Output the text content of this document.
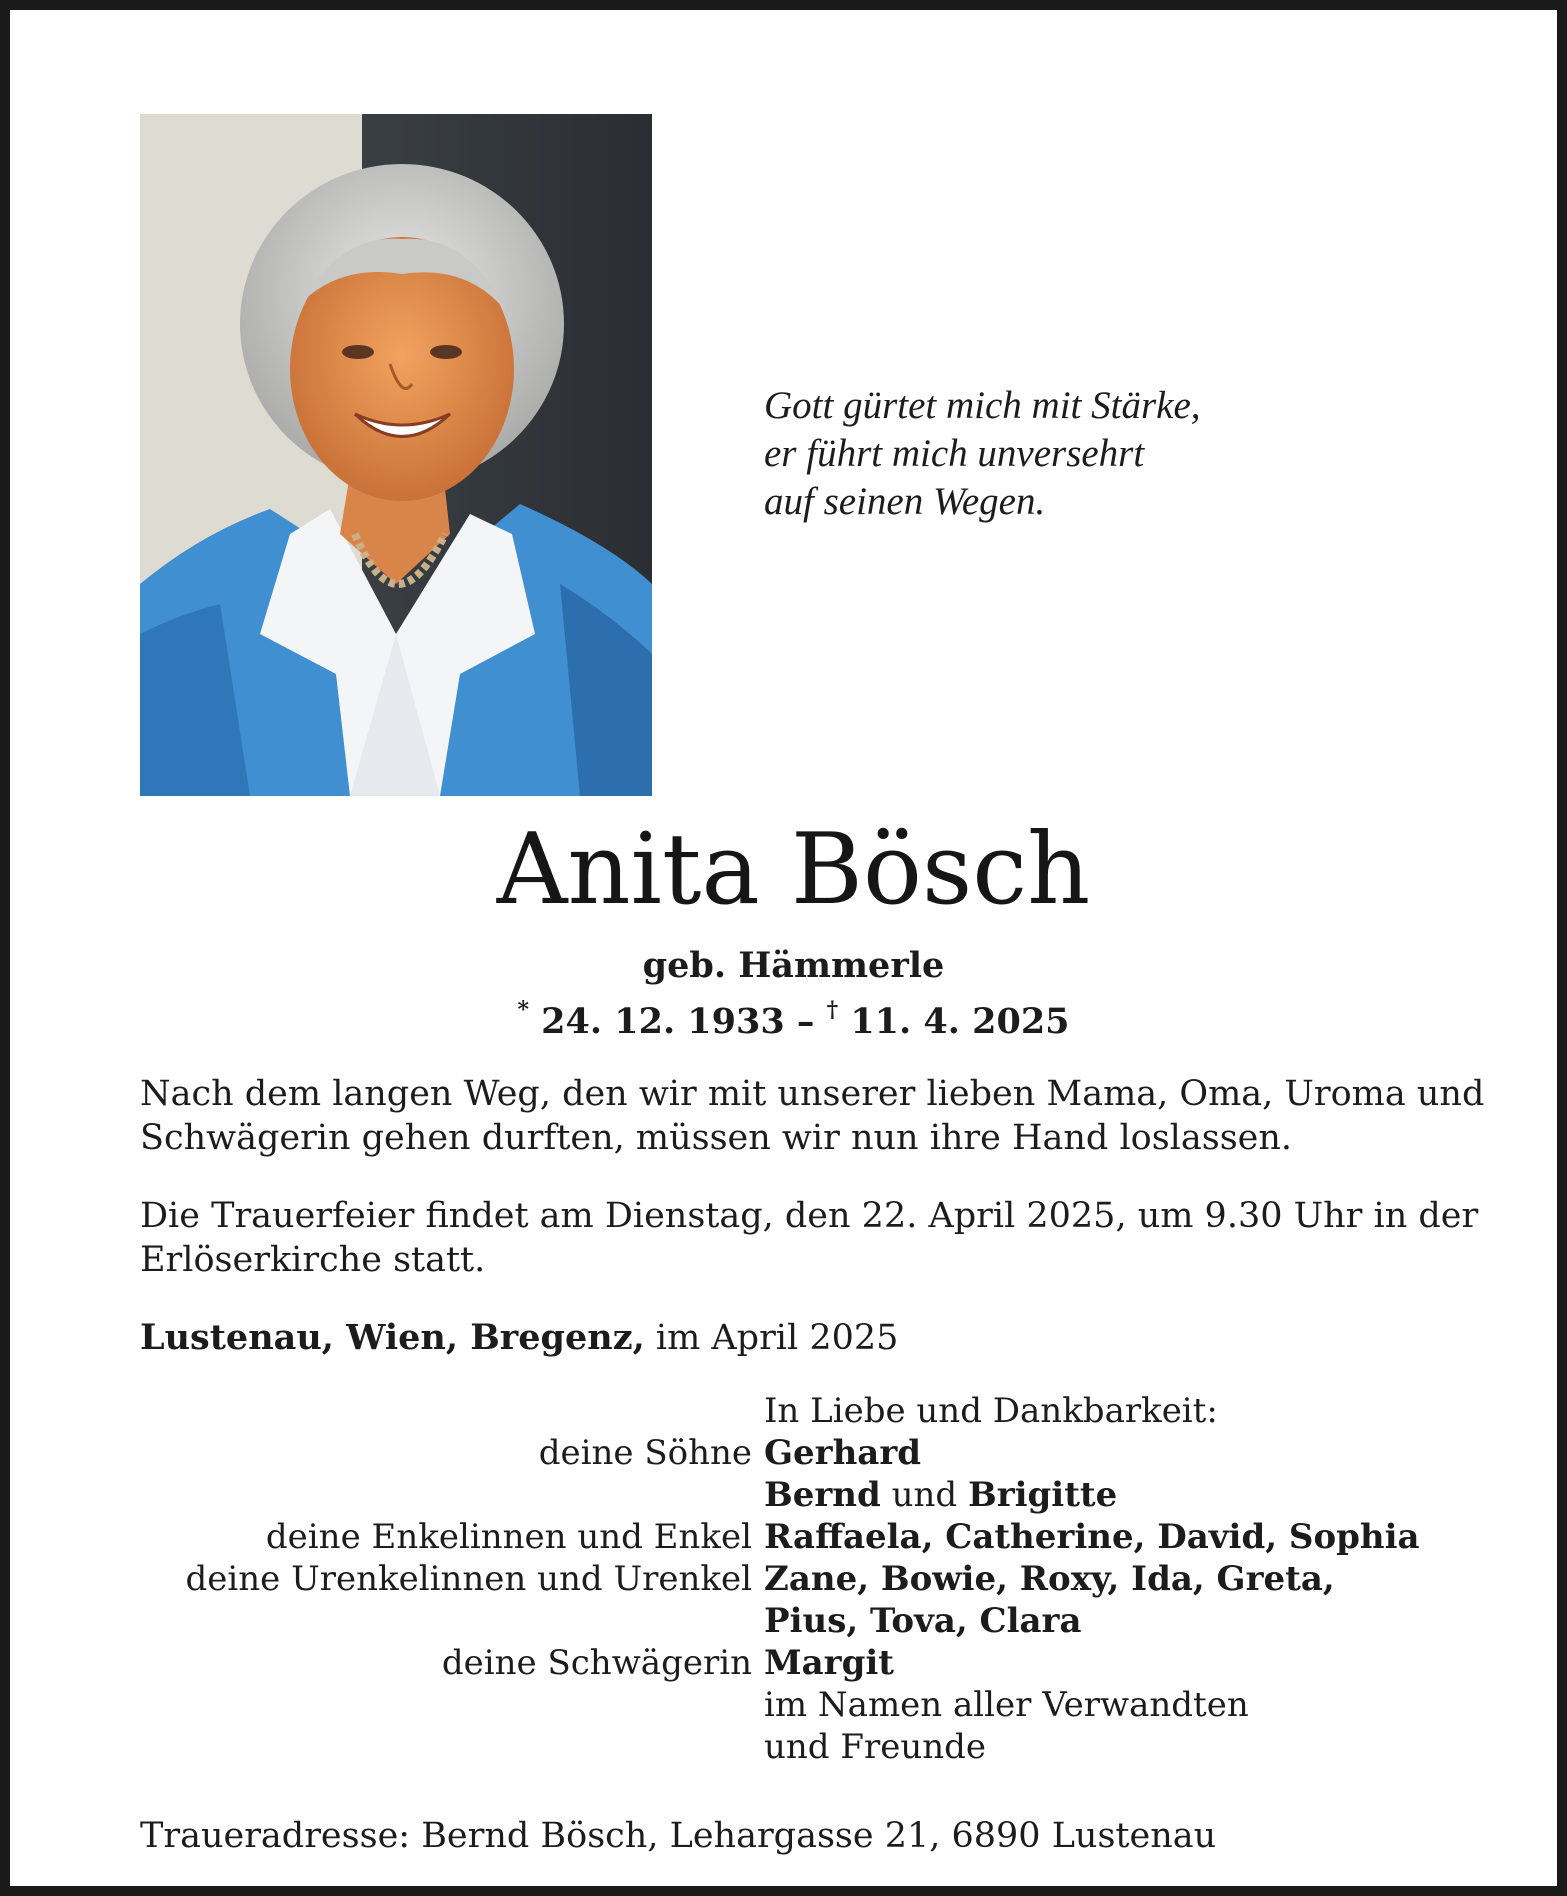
Gott gürtet mich mit Stärke,
er führt mich unversehrt
auf seinen Wegen.
Anita Bösch
geb. Hämmerle
* 24. 12. 1933 – † 11. 4. 2025
Nach dem langen Weg, den wir mit unserer lieben Mama, Oma, Uroma und
Schwägerin gehen durften, müssen wir nun ihre Hand loslassen.
Die Trauerfeier findet am Dienstag, den 22. April 2025, um 9.30 Uhr in der
Erlöserkirche statt.
Lustenau, Wien, Bregenz, im April 2025
In Liebe und Dankbarkeit:
deine Söhne Gerhard
Bernd und Brigitte
deine Enkelinnen und Enkel Raffaela, Catherine, David, Sophia
deine Urenkelinnen und Urenkel Zane, Bowie, Roxy, Ida, Greta,
Pius, Tova, Clara
deine Schwägerin Margit
im Namen aller Verwandten
und Freunde
Traueradresse: Bernd Bösch, Lehargasse 21, 6890 Lustenau
